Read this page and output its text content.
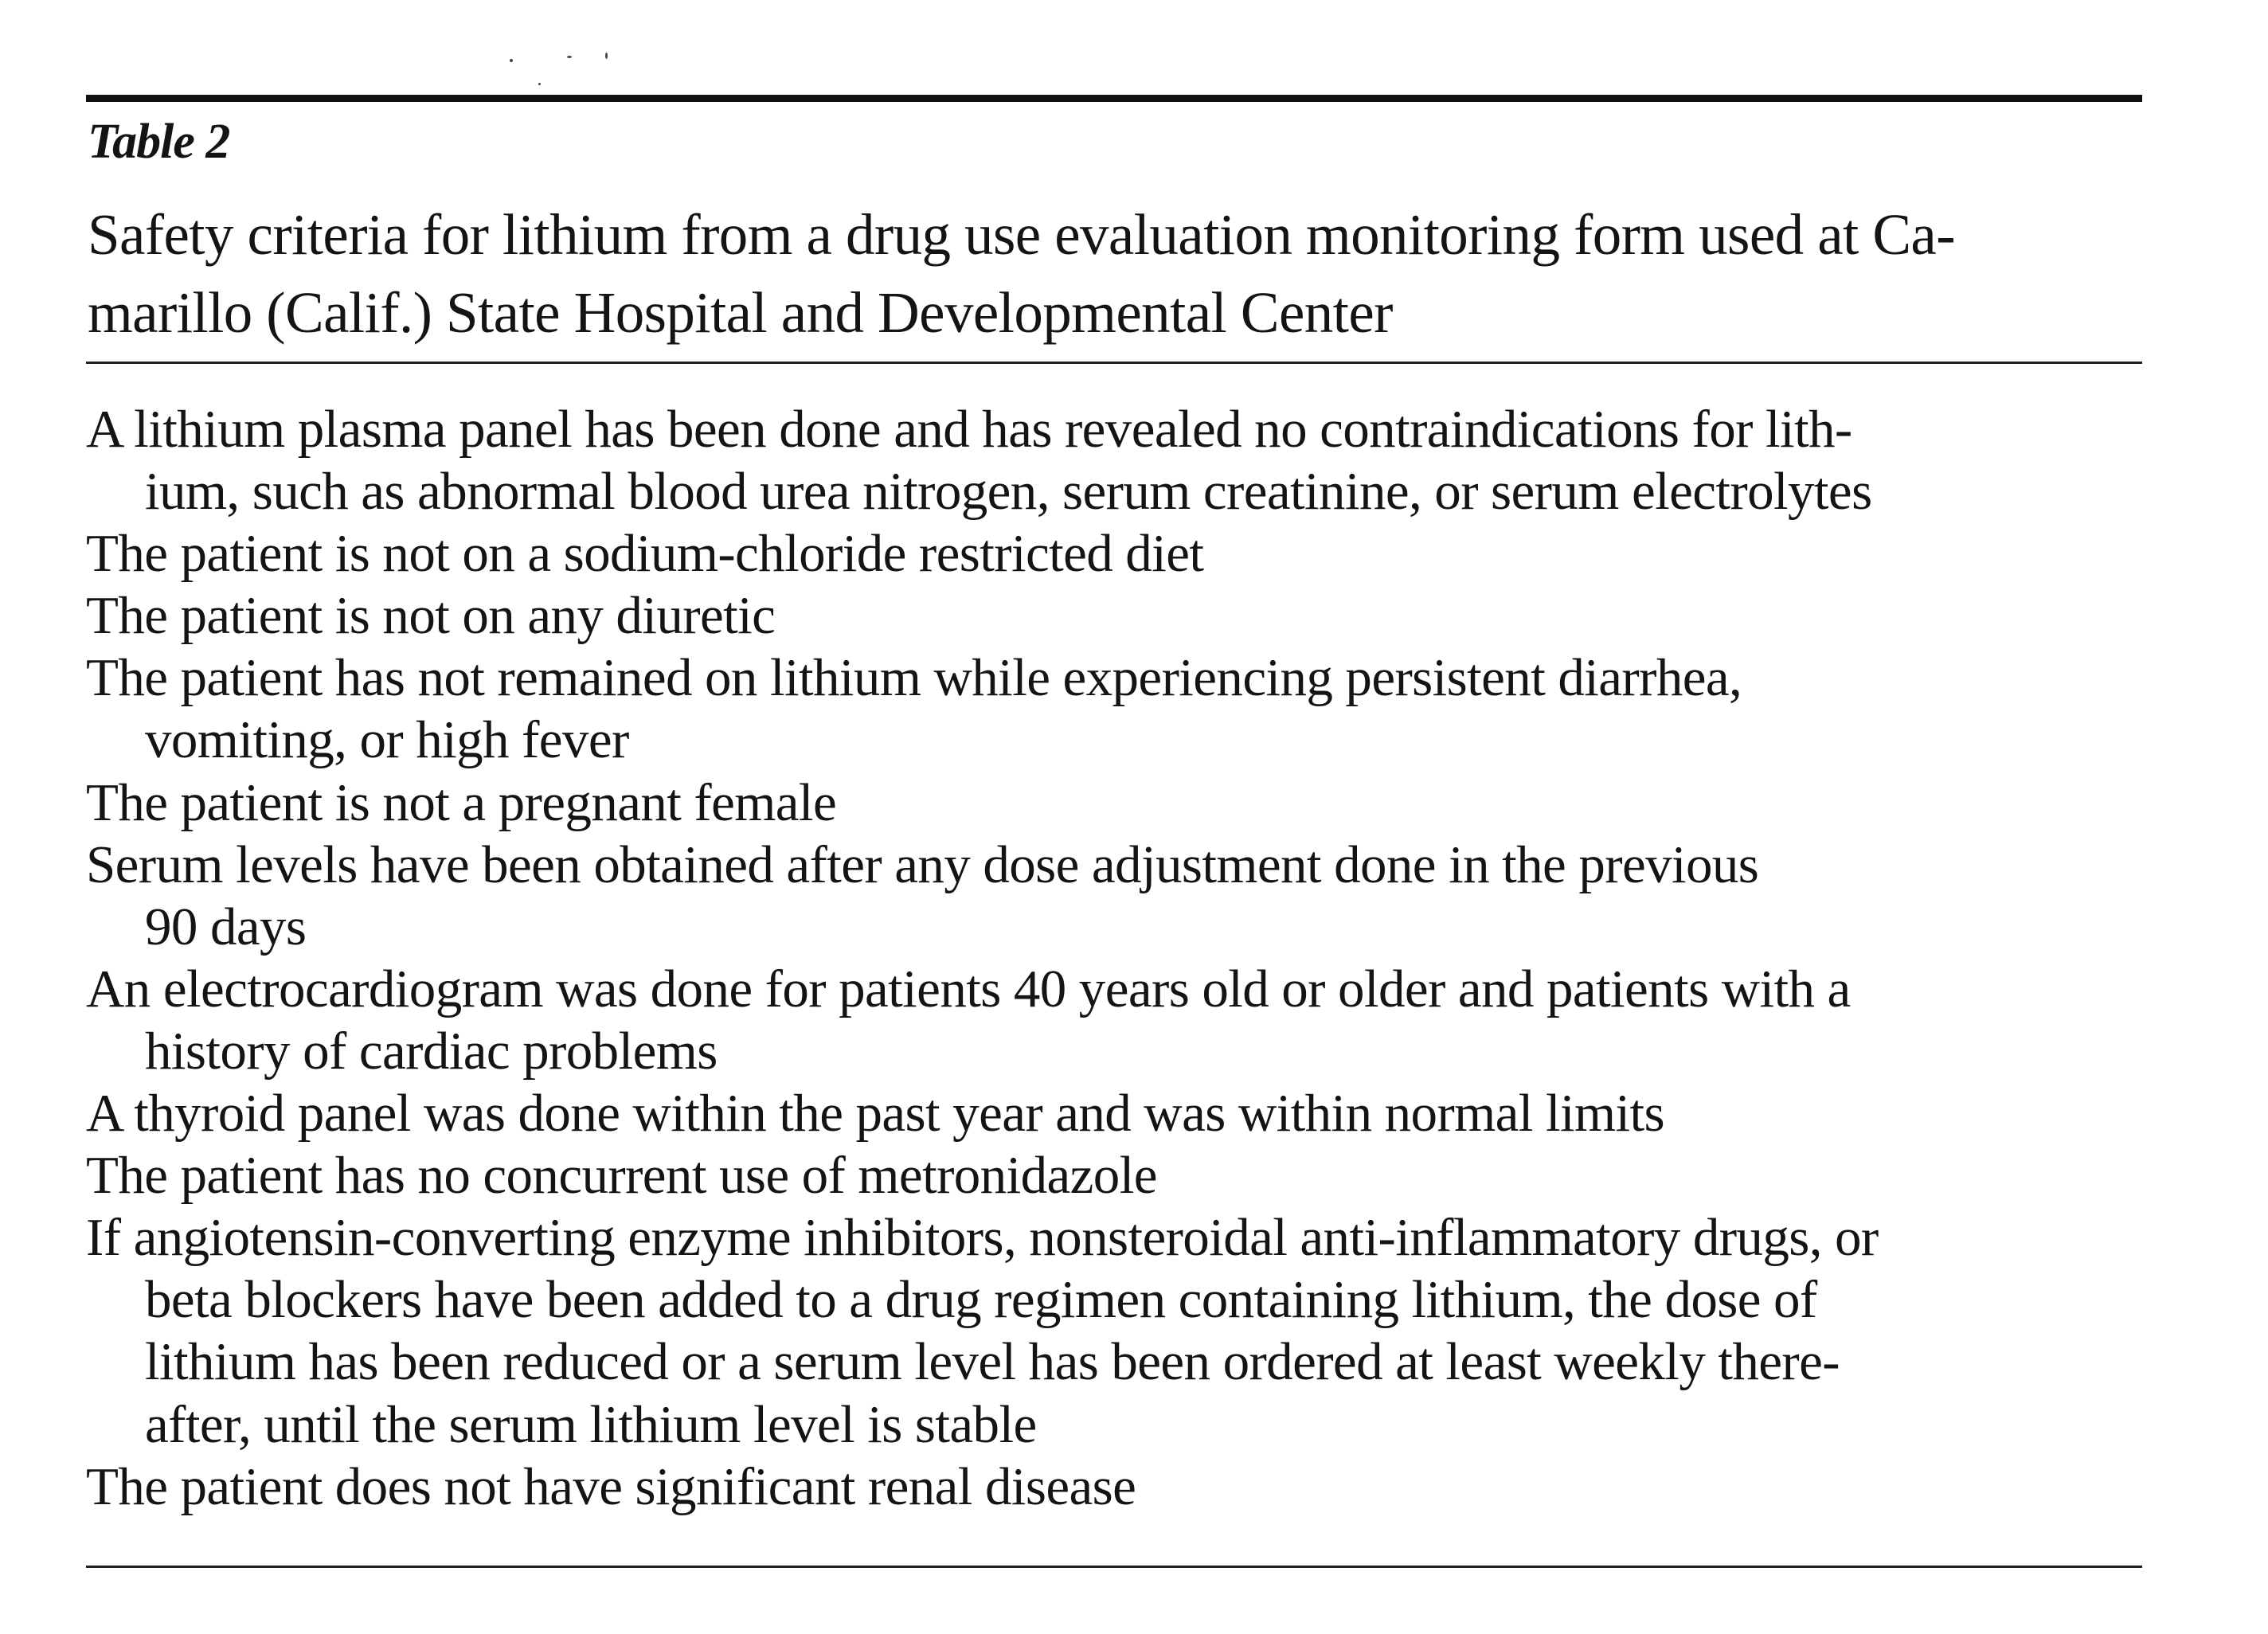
Table 2
Safety criteria for lithium from a drug use evaluation monitoring form used at Ca-
marillo (Calif.) State Hospital and Developmental Center
A lithium plasma panel has been done and has revealed no contraindications for lith-
ium, such as abnormal blood urea nitrogen, serum creatinine, or serum electrolytes
The patient is not on a sodium-chloride restricted diet
The patient is not on any diuretic
The patient has not remained on lithium while experiencing persistent diarrhea,
vomiting, or high fever
The patient is not a pregnant female
Serum levels have been obtained after any dose adjustment done in the previous
90 days
An electrocardiogram was done for patients 40 years old or older and patients with a
history of cardiac problems
A thyroid panel was done within the past year and was within normal limits
The patient has no concurrent use of metronidazole
If angiotensin-converting enzyme inhibitors, nonsteroidal anti-inflammatory drugs, or
beta blockers have been added to a drug regimen containing lithium, the dose of
lithium has been reduced or a serum level has been ordered at least weekly there-
after, until the serum lithium level is stable
The patient does not have significant renal disease
